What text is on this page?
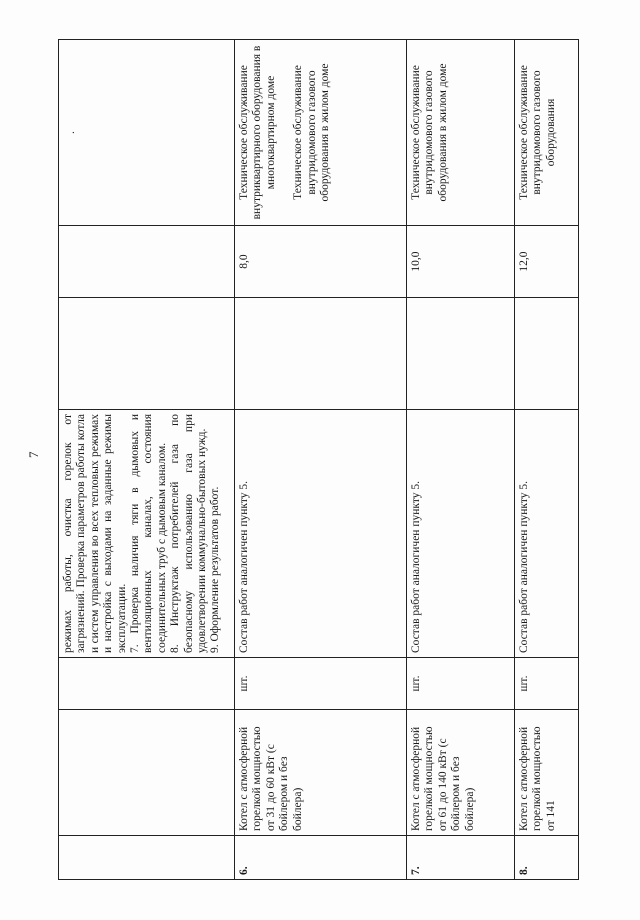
7

			режимах работы, очистка горелок от загрязнений. Проверка параметров работы котла и систем управления во всех тепловых режимах и настройка с выходами на заданные режимы эксплуатации. 7. Проверка наличия тяги в дымовых и вентиляционных каналах, состояния соединительных труб с дымовым каналом. 8. Инструктаж потребителей газа по безопасному использованию газа при удовлетворении коммунально-бытовых нужд. 9. Оформление результатов работ.			.
6.	Котел с атмосферной горелкой мощностью от 31 до 60 кВт (с бойлером и без бойлера)	шт.	Состав работ аналогичен пункту 5.		8,0	Техническое обслуживание внутриквартирного оборудования в многоквартирном доме Техническое обслуживание внутридомового газового оборудования в жилом доме

7.	Котел с атмосферной горелкой мощностью от 61 до 140 кВт (с бойлером и без бойлера)	шт.	Состав работ аналогичен пункту 5.		10,0	Техническое обслуживание внутридомового газового оборудования в жилом доме

8.	Котел с атмосферной горелкой мощностью от 141	шт.	Состав работ аналогичен пункту 5.		12,0	Техническое обслуживание внутридомового газового оборудования
